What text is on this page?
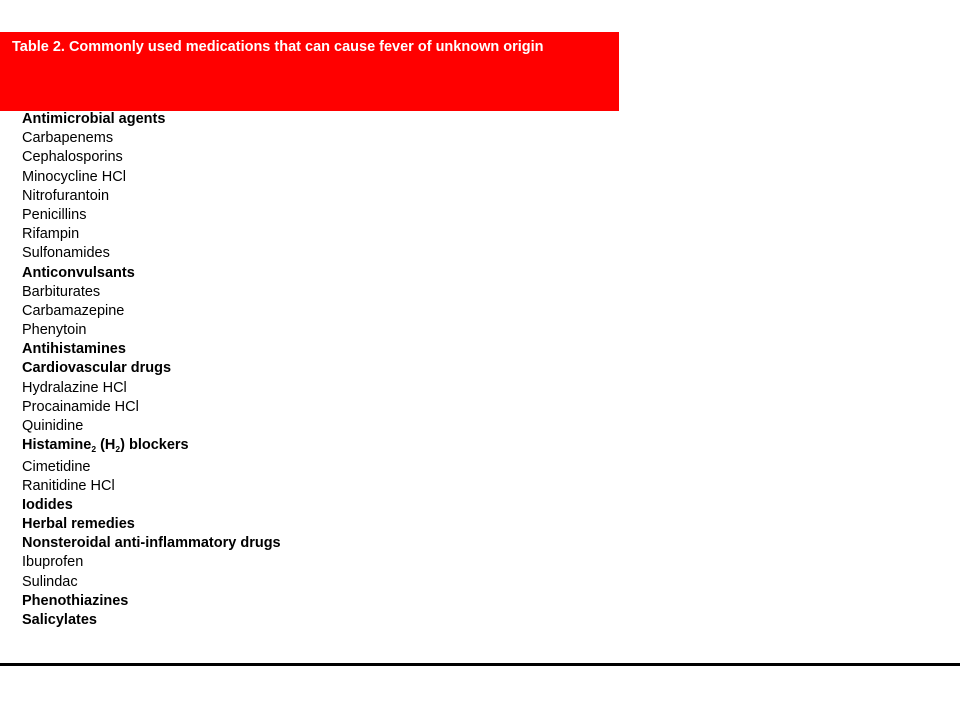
Table 2. Commonly used medications that can cause fever of unknown origin
Antimicrobial agents
Carbapenems
Cephalosporins
Minocycline HCl
Nitrofurantoin
Penicillins
Rifampin
Sulfonamides
Anticonvulsants
Barbiturates
Carbamazepine
Phenytoin
Antihistamines
Cardiovascular drugs
Hydralazine HCl
Procainamide HCl
Quinidine
Histamine$_2$ $(H_2)$ blockers
Cimetidine
Ranitidine HCl
Iodides
Herbal remedies
Nonsteroidal anti-inflammatory drugs
Ibuprofen
Sulindac
Phenothiazines
Salicylates
